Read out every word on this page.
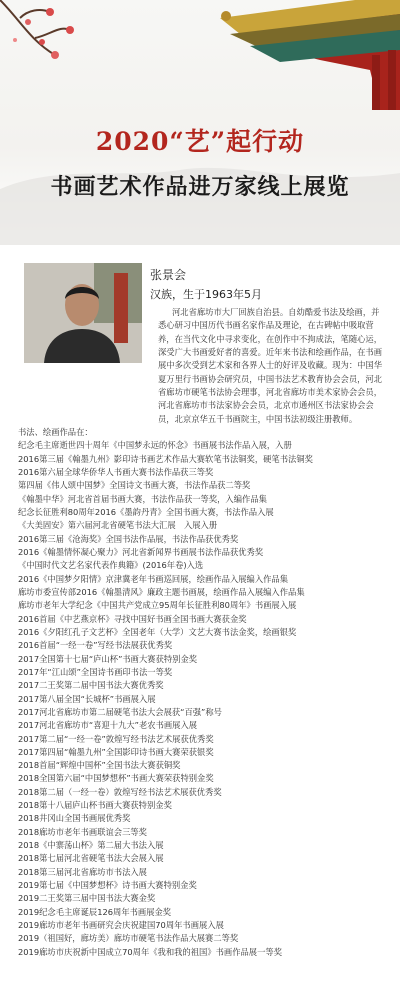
2020“艺”起行动
书画艺术作品进万家线上展览
张景会
汉族，生于1963年5月
河北省廊坊市大厂回族自治县。自幼酷爱书法及绘画，并悉心研习中国历代书画名家作品及理论，在古碑帖中吸取营养，在当代文化中寻求变化，在创作中不拘成法，笔随心运，深受广大书画爱好者的喜爱。近年来书法和绘画作品，在书画展中多次受到艺术家和各界人士的好评及收藏。现为：中国华夏万里行书画协会研究员，中国书法艺术教育协会会员，河北省廊坊市硬笔书法协会理事，河北省廊坊市美术家协会会员，河北省廊坊市书法家协会会员，北京市通州区书法家协会会员，北京京华五千书画院主，中国书法初级注册教师。
书法、绘画作品在：
纪念毛主席逝世四十周年《中国梦永远的怀念》书画展书法作品入展，入册
2016第三届《翰墨九州》影印诗书画艺术作品大赛软笔书法铜奖，硬笔书法铜奖
2016第六届全球华侨华人书画大赛书法作品获三等奖
第四届《伟人颂中国梦》全国诗文书画大赛，书法作品获二等奖
《翰墨中华》河北省首届书画大赛，书法作品获一等奖，入编作品集
纪念长征胜利80周年2016《墨韵丹青》全国书画大赛，书法作品入展
《大美固安》第六届河北省硬笔书法大汇展　入展入册
2016第三届《沧海奖》全国书法作品展，书法作品获优秀奖
2016《翰墨情怀凝心聚力》河北省新闻界书画展书法作品获优秀奖
《中国时代文艺名家代表作典籍》(2016年卷)入选
2016《中国梦夕阳情》京津冀老年书画巡回展，绘画作品入展编入作品集
廊坊市委宣传部2016《翰墨清风》廉政主题书画展，绘画作品入展编入作品集
廊坊市老年大学纪念《中国共产党成立95周年长征胜利80周年》书画展入展
2016首届《中艺燕京杯》寻找中国好书画全国书画大赛获金奖
2016《夕阳红孔子文艺杯》全国老年（大学）文艺大赛书法金奖，绘画银奖
2016首届“一经一卷”写经书法展获优秀奖
2017全国第十七届“庐山杯”书画大赛获特别金奖
2017年“江山颂”全国诗书画印书法一等奖
2017二王奖第二届中国书法大赛优秀奖
2017第八届全国“长城杯”书画展入展
2017河北省廊坊市第二届硬笔书法大会展获“百强”称号
2017河北省廊坊市“喜迎十九大”老农书画展入展
2017第二届“一经一卷”敦煌写经书法艺术展获优秀奖
2017第四届“翰墨九州”全国影印诗书画大赛荣获银奖
2018首届“辉煌中国杯”全国书法大赛获铜奖
2018全国第六届“中国梦想杯”书画大赛荣获特别金奖
2018第二届（一经一卷）敦煌写经书法艺术展获优秀奖
2018第十八届庐山杯书画大赛获特别金奖
2018井冈山全国书画展优秀奖
2018廊坊市老年书画联谊会三等奖
2018《中寨荡山杯》第二届大书法入展
2018第七届河北省硬笔书法大会展入展
2018第三届河北省廊坊市书法入展
2019第七届《中国梦想杯》诗书画大赛特别金奖
2019二王奖第三届中国书法大赛金奖
2019纪念毛主席诞辰126周年书画展金奖
2019廊坊市老年书画研究会庆祝建国70周年书画展入展
2019（祖国好，廊坊美）廊坊市硬笔书法作品大展赛二等奖
2019廊坊市庆祝新中国成立70周年《我和我的祖国》书画作品展一等奖
